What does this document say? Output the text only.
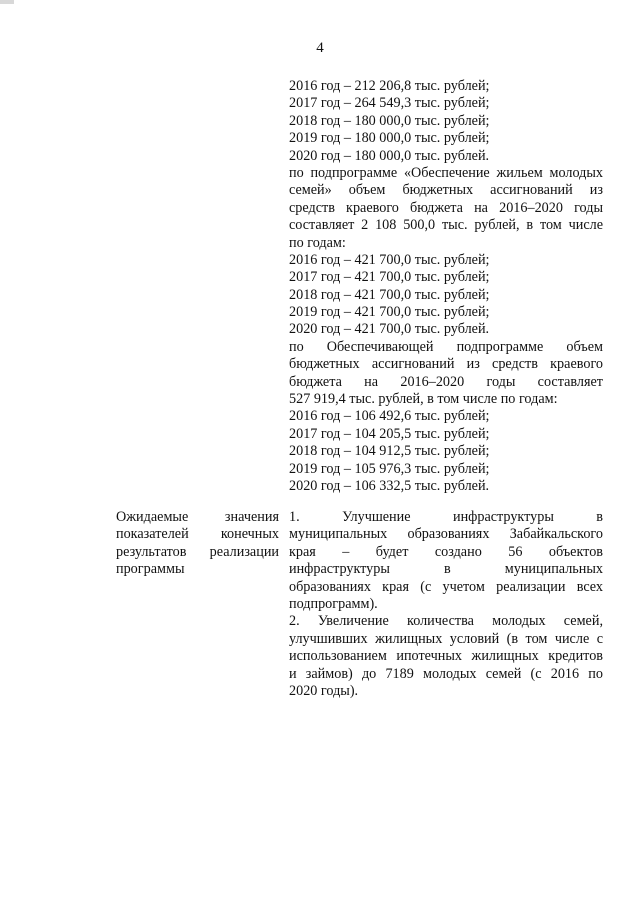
4
2016 год – 212 206,8 тыс. рублей;
2017 год – 264 549,3 тыс. рублей;
2018 год – 180 000,0 тыс. рублей;
2019 год – 180 000,0 тыс. рублей;
2020 год – 180 000,0 тыс. рублей.
по подпрограмме «Обеспечение жильем молодых
семей» объем бюджетных ассигнований из
средств краевого бюджета на 2016–2020 годы
составляет 2 108 500,0 тыс. рублей, в том числе
по годам:
2016 год – 421 700,0 тыс. рублей;
2017 год – 421 700,0 тыс. рублей;
2018 год – 421 700,0 тыс. рублей;
2019 год – 421 700,0 тыс. рублей;
2020 год – 421 700,0 тыс. рублей.
по Обеспечивающей подпрограмме объем
бюджетных ассигнований из средств краевого
бюджета на 2016–2020 годы составляет
527 919,4 тыс. рублей, в том числе по годам:
2016 год – 106 492,6 тыс. рублей;
2017 год – 104 205,5 тыс. рублей;
2018 год – 104 912,5 тыс. рублей;
2019 год – 105 976,3 тыс. рублей;
2020 год – 106 332,5 тыс. рублей.
Ожидаемые значения
показателей конечных
результатов реализации
программы
1. Улучшение инфраструктуры в
муниципальных образованиях Забайкальского
края – будет создано 56 объектов
инфраструктуры в муниципальных
образованиях края (с учетом реализации всех
подпрограмм).
2. Увеличение количества молодых семей,
улучшивших жилищных условий (в том числе с
использованием ипотечных жилищных кредитов
и займов) до 7189 молодых семей (с 2016 по
2020 годы).
